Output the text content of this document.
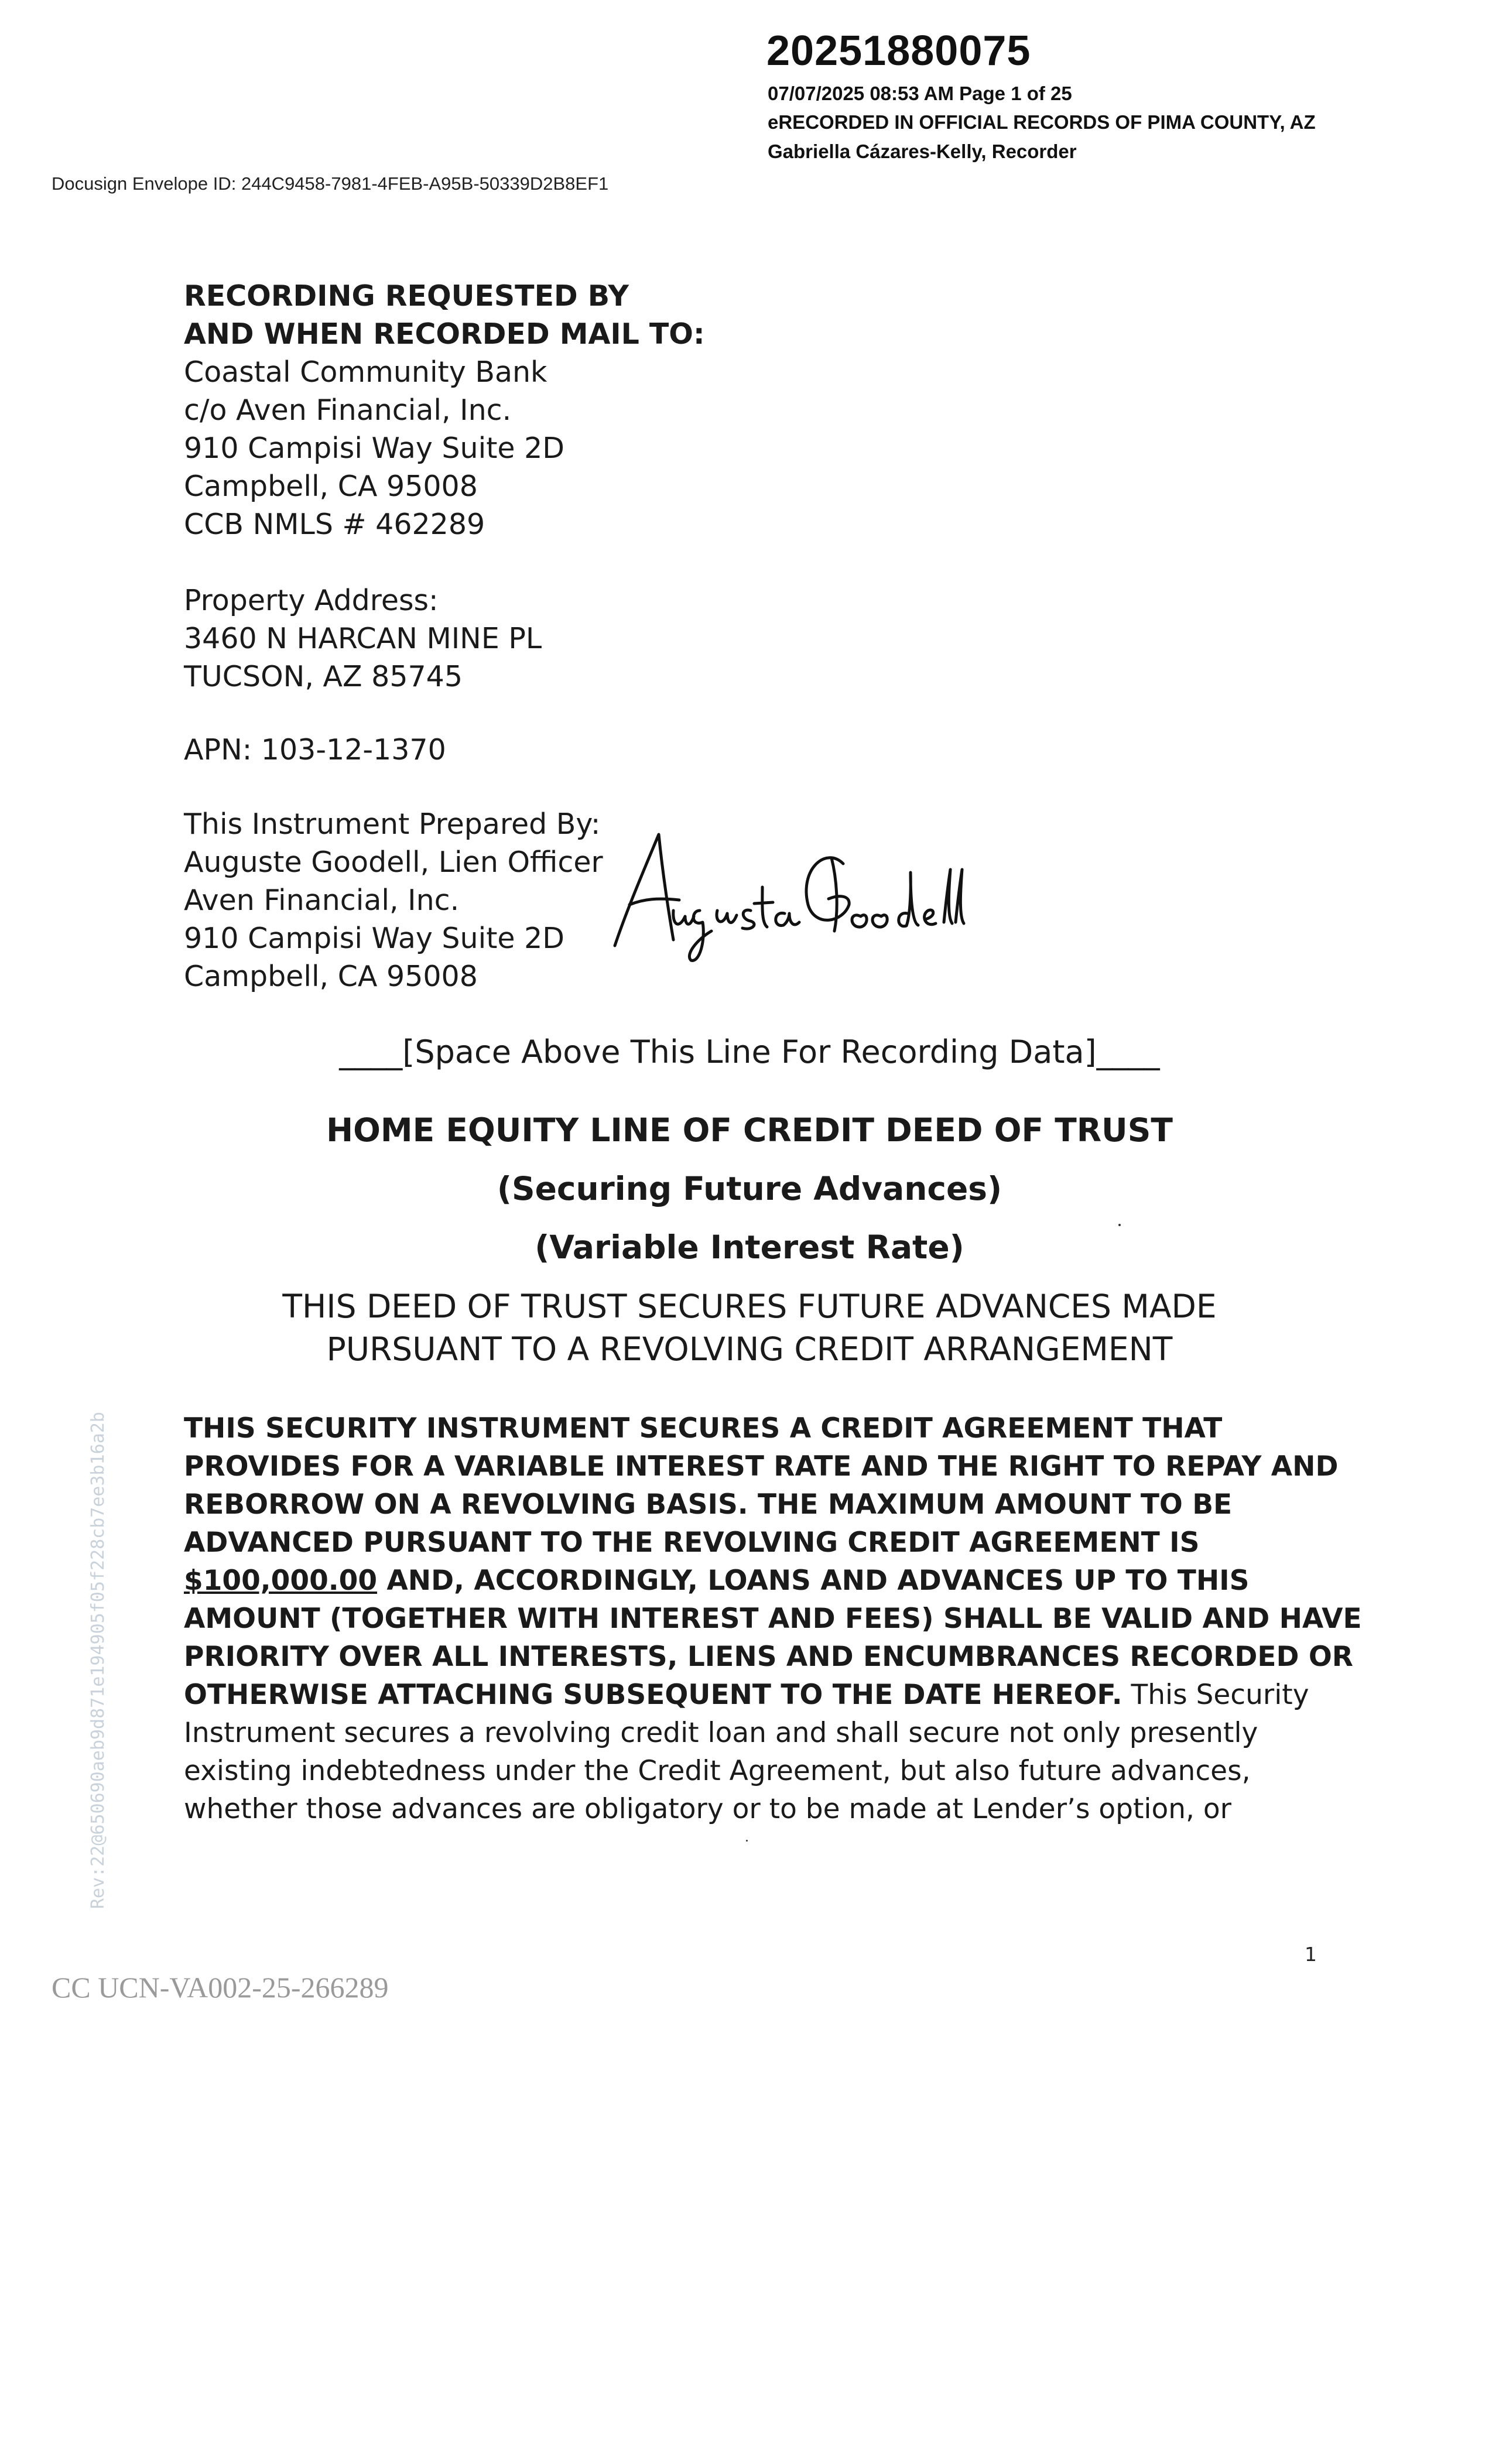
20251880075
07/07/2025 08:53 AM Page 1 of 25
eRECORDED IN OFFICIAL RECORDS OF PIMA COUNTY, AZ
Gabriella Cázares-Kelly, Recorder
Docusign Envelope ID: 244C9458-7981-4FEB-A95B-50339D2B8EF1
RECORDING REQUESTED BY
AND WHEN RECORDED MAIL TO:
Coastal Community Bank
c/o Aven Financial, Inc.
910 Campisi Way Suite 2D
Campbell, CA 95008
CCB NMLS # 462289
Property Address:
3460 N HARCAN MINE PL
TUCSON, AZ 85745
APN: 103-12-1370
This Instrument Prepared By:
Auguste Goodell, Lien Officer
Aven Financial, Inc.
910 Campisi Way Suite 2D
Campbell, CA 95008
____[Space Above This Line For Recording Data]____
HOME EQUITY LINE OF CREDIT DEED OF TRUST
(Securing Future Advances)
(Variable Interest Rate)
THIS DEED OF TRUST SECURES FUTURE ADVANCES MADE
PURSUANT TO A REVOLVING CREDIT ARRANGEMENT
THIS SECURITY INSTRUMENT SECURES A CREDIT AGREEMENT THAT
PROVIDES FOR A VARIABLE INTEREST RATE AND THE RIGHT TO REPAY AND
REBORROW ON A REVOLVING BASIS. THE MAXIMUM AMOUNT TO BE
ADVANCED PURSUANT TO THE REVOLVING CREDIT AGREEMENT IS
$100,000.00 AND, ACCORDINGLY, LOANS AND ADVANCES UP TO THIS
AMOUNT (TOGETHER WITH INTEREST AND FEES) SHALL BE VALID AND HAVE
PRIORITY OVER ALL INTERESTS, LIENS AND ENCUMBRANCES RECORDED OR
OTHERWISE ATTACHING SUBSEQUENT TO THE DATE HEREOF. This Security
Instrument secures a revolving credit loan and shall secure not only presently
existing indebtedness under the Credit Agreement, but also future advances,
whether those advances are obligatory or to be made at Lender’s option, or
Rev:22@650690aeb9d871e194905f05f228cb7ee3b16a2b
1
CC UCN-VA002-25-266289
